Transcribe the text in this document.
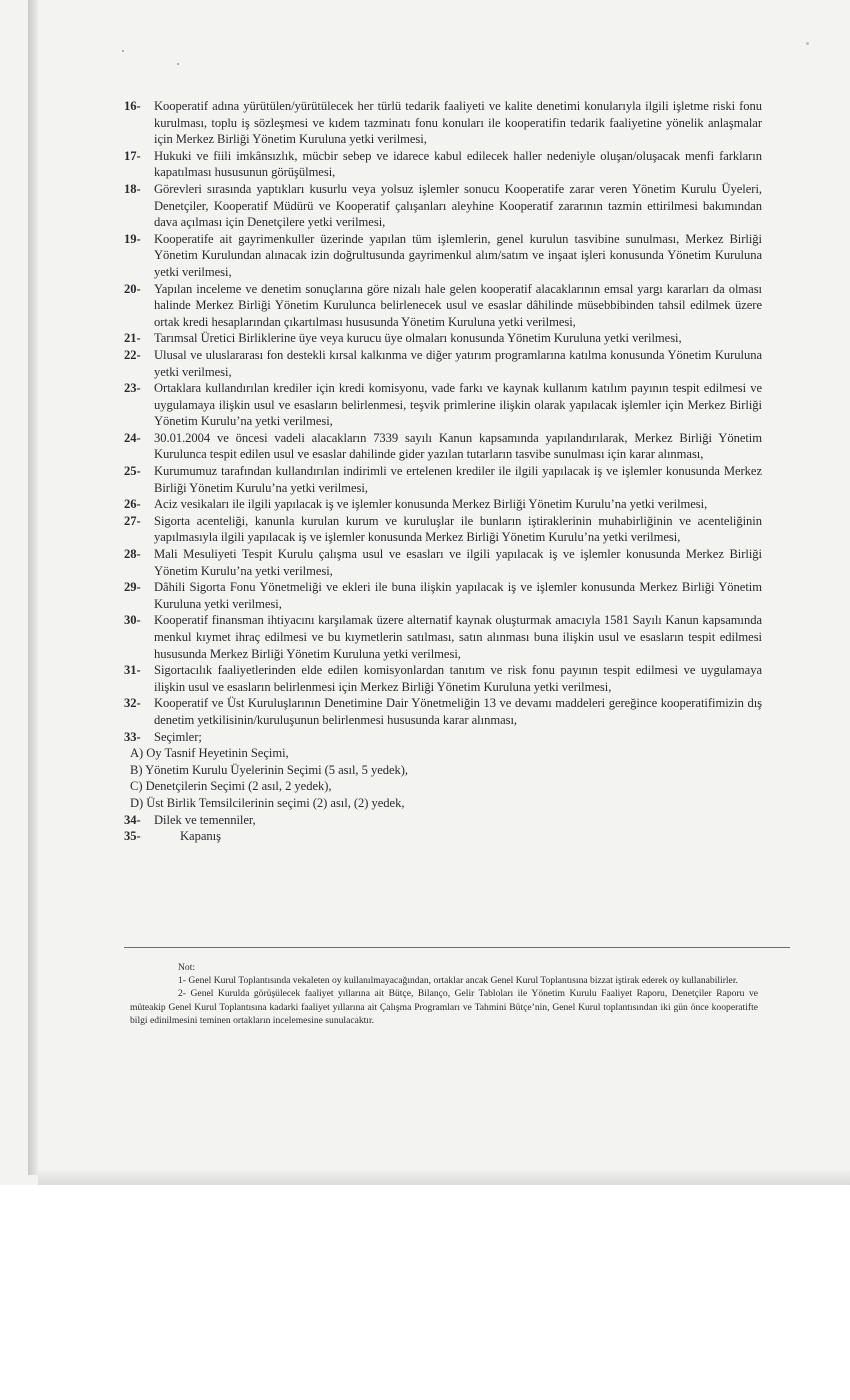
16-	Kooperatif adına yürütülen/yürütülecek her türlü tedarik faaliyeti ve kalite denetimi konularıyla ilgili işletme riski fonu kurulması, toplu iş sözleşmesi ve kıdem tazminatı fonu konuları ile kooperatifin tedarik faaliyetine yönelik anlaşmalar için Merkez Birliği Yönetim Kuruluna yetki verilmesi,
17-	Hukuki ve fiili imkânsızlık, mücbir sebep ve idarece kabul edilecek haller nedeniyle oluşan/oluşacak menfi farkların kapatılması hususunun görüşülmesi,
18-	Görevleri sırasında yaptıkları kusurlu veya yolsuz işlemler sonucu Kooperatife zarar veren Yönetim Kurulu Üyeleri, Denetçiler, Kooperatif Müdürü ve Kooperatif çalışanları aleyhine Kooperatif zararının tazmin ettirilmesi bakımından dava açılması için Denetçilere yetki verilmesi,
19-	Kooperatife ait gayrimenkuller üzerinde yapılan tüm işlemlerin, genel kurulun tasvibine sunulması, Merkez Birliği Yönetim Kurulundan alınacak izin doğrultusunda gayrimenkul alım/satım ve inşaat işleri konusunda Yönetim Kuruluna yetki verilmesi,
20-	Yapılan inceleme ve denetim sonuçlarına göre nizalı hale gelen kooperatif alacaklarının emsal yargı kararları da olması halinde Merkez Birliği Yönetim Kurulunca belirlenecek usul ve esaslar dâhilinde müsebbibinden tahsil edilmek üzere ortak kredi hesaplarından çıkartılması hususunda Yönetim Kuruluna yetki verilmesi,
21-	Tarımsal Üretici Birliklerine üye veya kurucu üye olmaları konusunda Yönetim Kuruluna yetki verilmesi,
22-	Ulusal ve uluslararası fon destekli kırsal kalkınma ve diğer yatırım programlarına katılma konusunda Yönetim Kuruluna yetki verilmesi,
23-	Ortaklara kullandırılan krediler için kredi komisyonu, vade farkı ve kaynak kullanım katılım payının tespit edilmesi ve uygulamaya ilişkin usul ve esasların belirlenmesi, teşvik primlerine ilişkin olarak yapılacak işlemler için Merkez Birliği Yönetim Kurulu’na yetki verilmesi,
24-	30.01.2004 ve öncesi vadeli alacakların 7339 sayılı Kanun kapsamında yapılandırılarak, Merkez Birliği Yönetim Kurulunca tespit edilen usul ve esaslar dahilinde gider yazılan tutarların tasvibe sunulması için karar alınması,
25-	Kurumumuz tarafından kullandırılan indirimli ve ertelenen krediler ile ilgili yapılacak iş ve işlemler konusunda Merkez Birliği Yönetim Kurulu’na yetki verilmesi,
26-	Aciz vesikaları ile ilgili yapılacak iş ve işlemler konusunda Merkez Birliği Yönetim Kurulu’na yetki verilmesi,
27-	Sigorta acenteliği, kanunla kurulan kurum ve kuruluşlar ile bunların iştiraklerinin muhabirliğinin ve acenteliğinin yapılmasıyla ilgili yapılacak iş ve işlemler konusunda Merkez Birliği Yönetim Kurulu’na yetki verilmesi,
28-	Mali Mesuliyeti Tespit Kurulu çalışma usul ve esasları ve ilgili yapılacak iş ve işlemler konusunda Merkez Birliği Yönetim Kurulu’na yetki verilmesi,
29-	Dâhili Sigorta Fonu Yönetmeliği ve ekleri ile buna ilişkin yapılacak iş ve işlemler konusunda Merkez Birliği Yönetim Kuruluna yetki verilmesi,
30-	Kooperatif finansman ihtiyacını karşılamak üzere alternatif kaynak oluşturmak amacıyla 1581 Sayılı Kanun kapsamında menkul kıymet ihraç edilmesi ve bu kıymetlerin satılması, satın alınması buna ilişkin usul ve esasların tespit edilmesi hususunda Merkez Birliği Yönetim Kuruluna yetki verilmesi,
31-	Sigortacılık faaliyetlerinden elde edilen komisyonlardan tanıtım ve risk fonu payının tespit edilmesi ve uygulamaya ilişkin usul ve esasların belirlenmesi için Merkez Birliği Yönetim Kuruluna yetki verilmesi,
32-	Kooperatif ve Üst Kuruluşlarının Denetimine Dair Yönetmeliğin 13 ve devamı maddeleri gereğince kooperatifimizin dış denetim yetkilisinin/kuruluşunun belirlenmesi hususunda karar alınması,
33-	Seçimler;
A) Oy Tasnif Heyetinin Seçimi,
B) Yönetim Kurulu Üyelerinin Seçimi (5 asıl, 5 yedek),
C) Denetçilerin Seçimi (2 asıl, 2 yedek),
D) Üst Birlik Temsilcilerinin seçimi (2) asıl, (2) yedek,
34-	Dilek ve temenniler,
35-	Kapanış
Not:
1- Genel Kurul Toplantısında vekaleten oy kullanılmayacağından, ortaklar ancak Genel Kurul Toplantısına bizzat iştirak ederek oy kullanabilirler.
2- Genel Kurulda görüşülecek faaliyet yıllarına ait Bütçe, Bilanço, Gelir Tabloları ile Yönetim Kurulu Faaliyet Raporu, Denetçiler Raporu ve müteakip Genel Kurul Toplantısına kadarki faaliyet yıllarına ait Çalışma Programları ve Tahmini Bütçe’nin, Genel Kurul toplantısından iki gün önce kooperatifte bilgi edinilmesini teminen ortakların incelemesine sunulacaktır.
